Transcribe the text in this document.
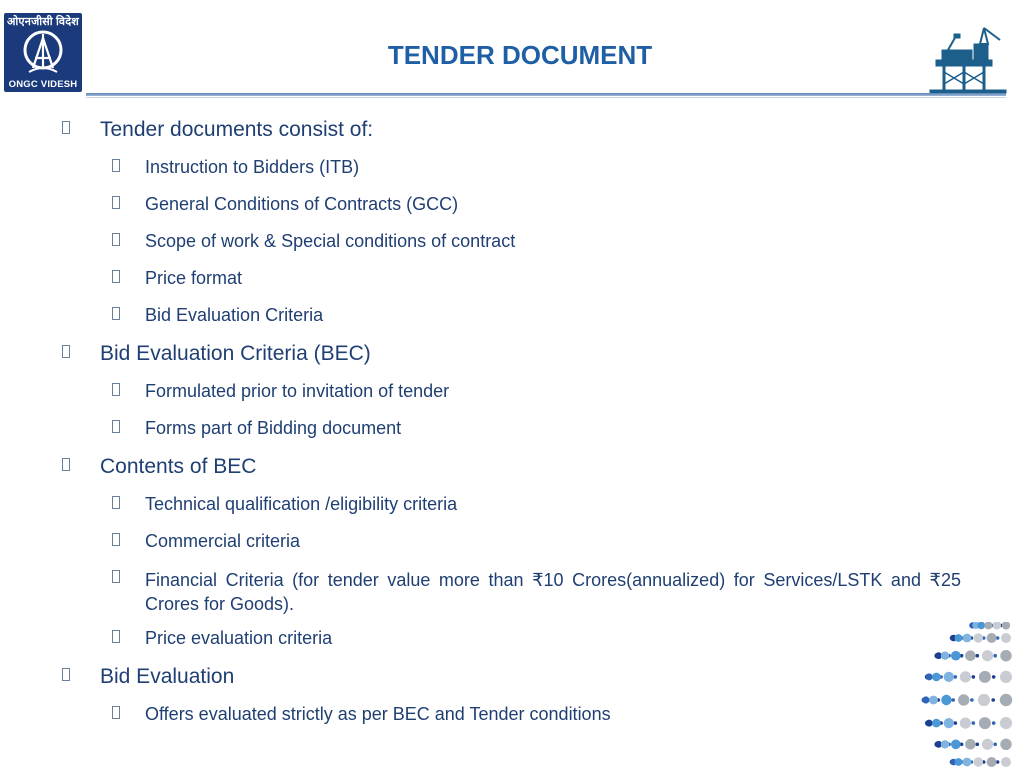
ओएनजीसी विदेश
ONGC VIDESH
TENDER DOCUMENT
Tender documents consist of:
Instruction to Bidders (ITB)
General Conditions of Contracts (GCC)
Scope of work & Special conditions of contract
Price format
Bid Evaluation Criteria
Bid Evaluation Criteria (BEC)
Formulated prior to invitation of tender
Forms part of Bidding document
Contents of BEC
Technical qualification /eligibility criteria
Commercial criteria
Financial Criteria (for tender value more than ₹10 Crores(annualized) for Services/LSTK and ₹25 Crores for Goods).
Price evaluation criteria
Bid Evaluation
Offers evaluated strictly as per BEC and Tender conditions
